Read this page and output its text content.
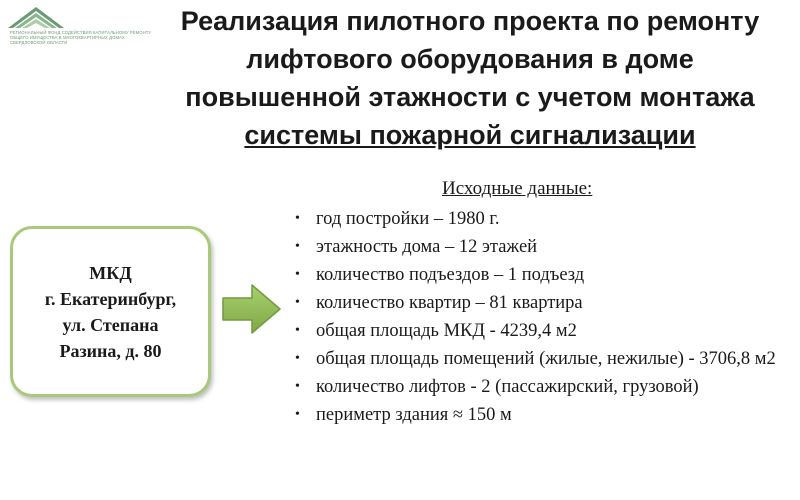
РЕГИОНАЛЬНЫЙ ФОНД СОДЕЙСТВИЯ КАПИТАЛЬНОМУ РЕМОНТУ ОБЩЕГО ИМУЩЕСТВА В МНОГОКВАРТИРНЫХ ДОМАХ СВЕРДЛОВСКОЙ ОБЛАСТИ
Реализация пилотного проекта по ремонту
лифтового оборудования в доме
повышенной этажности с учетом монтажа
системы пожарной сигнализации
МКД
г. Екатеринбург,
ул. Степана
Разина, д. 80
Исходные данные:
• год постройки – 1980 г.
• этажность дома – 12 этажей
• количество подъездов – 1 подъезд
• количество квартир – 81 квартира
• общая площадь МКД - 4239,4 м2
• общая площадь помещений (жилые, нежилые) - 3706,8 м2
• количество лифтов - 2 (пассажирский, грузовой)
• периметр здания ≈ 150 м
